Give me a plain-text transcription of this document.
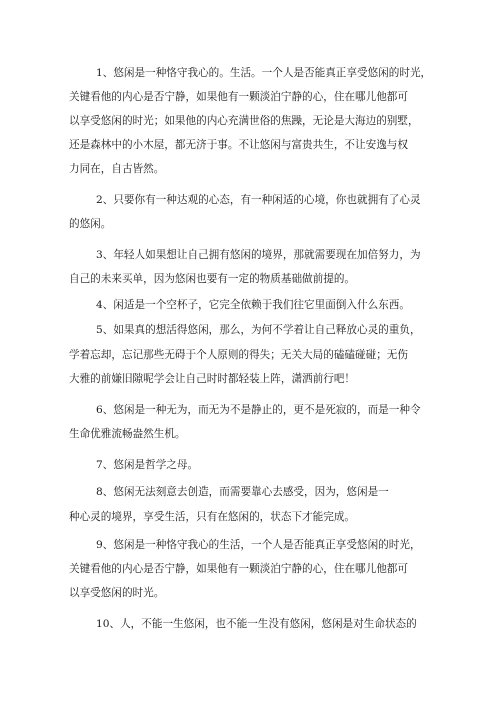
1、悠闲是一种恪守我心的。生活。一个人是否能真正享受悠闲的时光，
关键看他的内心是否宁静，如果他有一颗淡泊宁静的心，住在哪儿他都可
以享受悠闲的时光；如果他的内心充满世俗的焦躁，无论是大海边的别墅，
还是森林中的小木屋，都无济于事。不让悠闲与富贵共生，不让安逸与权
力同在，自古皆然。
2、只要你有一种达观的心态，有一种闲适的心境，你也就拥有了心灵
的悠闲。
3、年轻人如果想让自己拥有悠闲的境界，那就需要现在加倍努力，为
自己的未来买单，因为悠闲也要有一定的物质基础做前提的。
4、闲适是一个空杯子，它完全依赖于我们往它里面倒入什么东西。
5、如果真的想活得悠闲，那么，为何不学着让自己释放心灵的重负，
学着忘却，忘记那些无碍于个人原则的得失；无关大局的磕磕碰碰；无伤
大雅的前嫌旧隙呢学会让自己时时都轻装上阵，潇洒前行吧！
6、悠闲是一种无为，而无为不是静止的，更不是死寂的，而是一种令
生命优雅流畅盎然生机。
7、悠闲是哲学之母。
8、悠闲无法刻意去创造，而需要靠心去感受，因为，悠闲是一
种心灵的境界，享受生活，只有在悠闲的，状态下才能完成。
9、悠闲是一种恪守我心的生活，一个人是否能真正享受悠闲的时光，
关键看他的内心是否宁静，如果他有一颗淡泊宁静的心，住在哪儿他都可
以享受悠闲的时光。
10、人，不能一生悠闲，也不能一生没有悠闲，悠闲是对生命状态的
